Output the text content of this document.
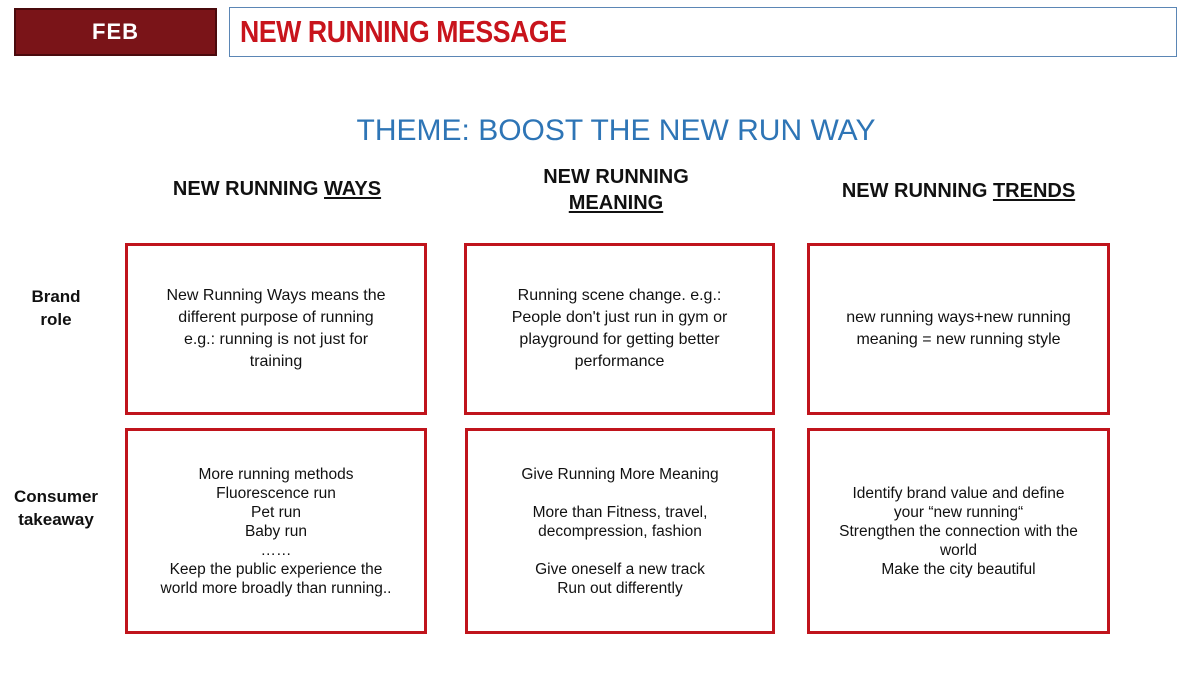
FEB	NEW RUNNING MESSAGE
THEME: BOOST THE NEW RUN WAY
NEW RUNNING WAYS
NEW RUNNING
MEANING
NEW RUNNING TRENDS
Brand
role
Consumer
takeaway
New Running Ways means the
different purpose of running
e.g.: running is not just for
training
Running scene change. e.g.:
People don't just run in gym or
playground for getting better
performance
new running ways+new running
meaning = new running style
More running methods
Fluorescence run
Pet run
Baby run
……
Keep the public experience the
world more broadly than running..
Give Running More Meaning

More than Fitness, travel,
decompression, fashion

Give oneself a new track
Run out differently
Identify brand value and define
your “new running“
Strengthen the connection with the
world
Make the city beautiful
